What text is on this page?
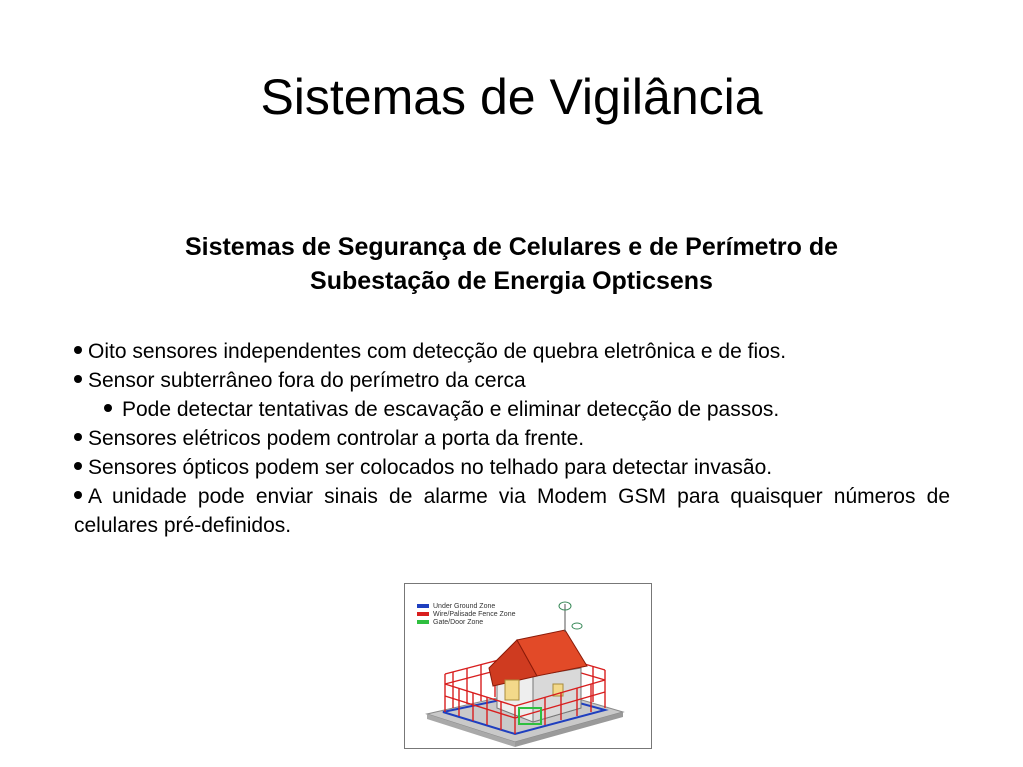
Sistemas de Vigilância
Sistemas de Segurança de Celulares e de Perímetro de
Subestação de Energia Opticsens
Oito sensores independentes com detecção de quebra eletrônica e de fios.
Sensor subterrâneo fora do perímetro da cerca
Pode detectar tentativas de escavação e eliminar detecção de passos.
Sensores elétricos podem controlar a porta da frente.
Sensores ópticos podem ser colocados no telhado para detectar invasão.
A unidade pode enviar sinais de alarme via Modem GSM para quaisquer números de celulares pré-definidos.
Under Ground Zone
Wire/Palisade Fence Zone
Gate/Door Zone
